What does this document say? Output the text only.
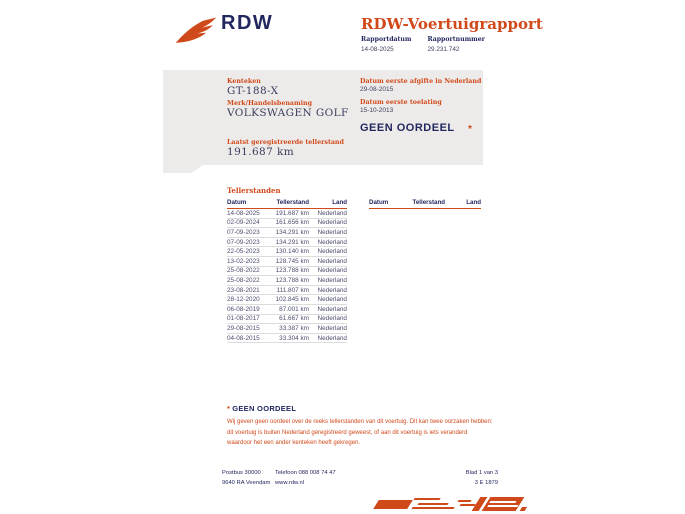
RDW	RDW-Voertuigrapport
Rapportdatum
14-08-2025
Rapportnummer
29.231.742
Kenteken
GT-188-X
Merk/Handelsbenaming
VOLKSWAGEN GOLF
Laatst geregistreerde tellerstand
191.687 km
Datum eerste afgifte in Nederland
29-08-2015
Datum eerste toelating
15-10-2013
GEEN OORDEEL *
Tellerstanden
Datum	Tellerstand	Land
14-08-2025	191.687 km	Nederland
02-09-2024	161.656 km	Nederland
07-09-2023	134.291 km	Nederland
07-09-2023	134.291 km	Nederland
22-05-2023	130.140 km	Nederland
13-02-2023	128.745 km	Nederland
25-08-2022	123.788 km	Nederland
25-08-2022	123.788 km	Nederland
23-08-2021	111.807 km	Nederland
28-12-2020	102.845 km	Nederland
06-08-2019	87.001 km	Nederland
01-08-2017	61.667 km	Nederland
29-08-2015	33.387 km	Nederland
04-08-2015	33.304 km	Nederland
Datum	Tellerstand	Land
* GEEN OORDEEL
Wij geven geen oordeel over de reeks tellerstanden van dit voertuig. Dit kan twee oorzaken hebben: dit voertuig is buiten Nederland geregistreerd geweest, of aan dit voertuig is iets veranderd waardoor het een ander kenteken heeft gekregen.
Postbus 30000
9640 RA Veendam
Telefoon 088 008 74 47
www.rdw.nl
Blad 1 van 3
3 E 1879
